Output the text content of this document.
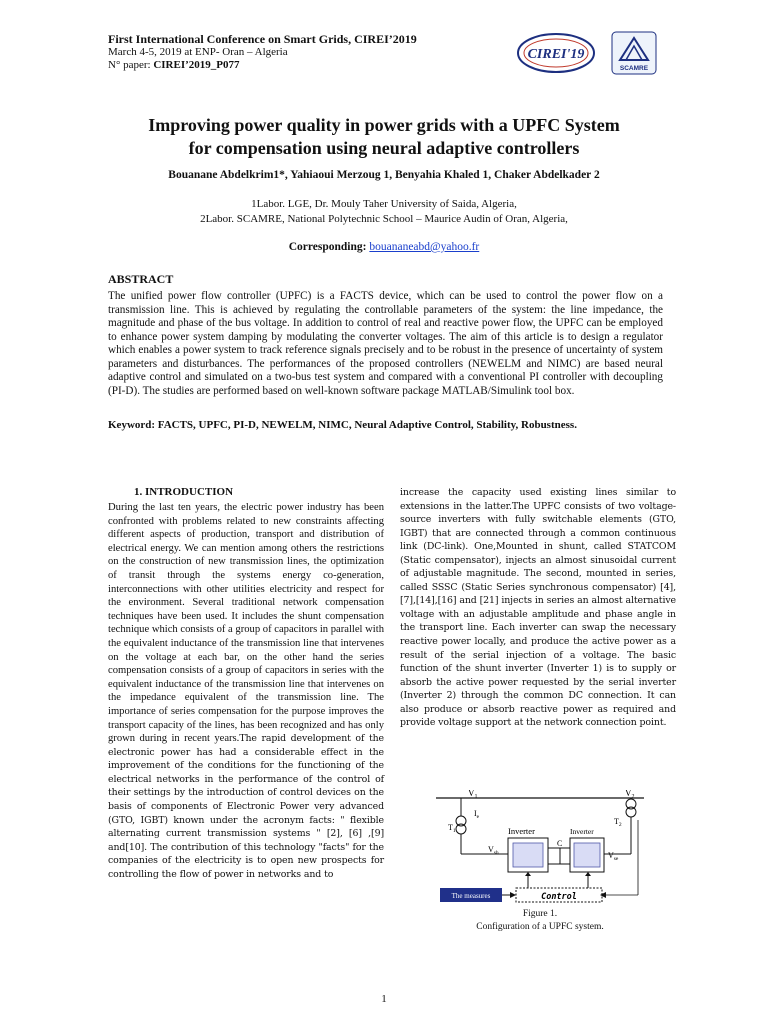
First International Conference on Smart Grids, CIREI’2019
March 4-5, 2019 at ENP- Oran – Algeria
N° paper: CIREI’2019_P077
CIREI'19
SCAMRE
Improving power quality in power grids with a UPFC System
for compensation using neural adaptive controllers
Bouanane Abdelkrim1*, Yahiaoui Merzoug 1, Benyahia Khaled 1, Chaker Abdelkader 2
1Labor. LGE, Dr. Mouly Taher University of Saida, Algeria,
2Labor. SCAMRE, National Polytechnic School – Maurice Audin of Oran, Algeria,
Corresponding: bouananeabd@yahoo.fr
ABSTRACT
The unified power flow controller (UPFC) is a FACTS device, which can be used to control the power flow on a transmission line. This is achieved by regulating the controllable parameters of the system: the line impedance, the magnitude and phase of the bus voltage. In addition to control of real and reactive power flow, the UPFC can be employed to enhance power system damping by modulating the converter voltages. The aim of this article is to design a regulator which enables a power system to track reference signals precisely and to be robust in the presence of uncertainty of system parameters and disturbances. The performances of the proposed controllers (NEWELM and NIMC) are based neural adaptive control and simulated on a two-bus test system and compared with a conventional PI controller with decoupling (PI-D). The studies are performed based on well-known software package MATLAB/Simulink tool box.
Keyword: FACTS, UPFC, PI-D, NEWELM, NIMC, Neural Adaptive Control, Stability, Robustness.
1. INTRODUCTION
During the last ten years, the electric power industry has been confronted with problems related to new constraints affecting different aspects of production, transport and distribution of electrical energy. We can mention among others the restrictions on the construction of new transmission lines, the optimization of transit through the systems energy co-generation, interconnections with other utilities electricity and respect for the environment. Several traditional network compensation techniques have been used. It includes the shunt compensation technique which consists of a group of capacitors in parallel with the equivalent inductance of the transmission line that intervenes on the voltage at each bar, on the other hand the series compensation consists of a group of capacitors in series with the equivalent inductance of the transmission line that intervenes on the impedance equivalent of the transmission line. The importance of series compensation for the purpose improves the transport capacity of the lines, has been recognized and has only grown during in recent years.The rapid development of the electronic power has had a considerable effect in the improvement of the conditions for the functioning of the electrical networks in the performance of the control of their settings by the introduction of control devices on the basis of components of Electronic Power very advanced (GTO, IGBT) known under the acronym facts: " flexible alternating current transmission systems " [2], [6] ,[9] and[10]. The contribution of this technology "facts" for the companies of the electricity is to open new prospects for controlling the flow of power in networks and to
increase the capacity used existing lines similar to extensions in the latter.The UPFC consists of two voltage-source inverters with fully switchable elements (GTO, IGBT) that are connected through a common continuous link (DC-link). One,Mounted in shunt, called STATCOM (Static compensator), injects an almost sinusoidal current of adjustable magnitude. The second, mounted in series, called SSSC (Static Series synchronous compensator) [4],[7],[14],[16] and [21] injects in series an almost alternative voltage with an adjustable amplitude and phase angle in the transport line. Each inverter can swap the necessary reactive power locally, and produce the active power as a result of the serial injection of a voltage. The basic function of the shunt inverter (Inverter 1) is to supply or absorb the active power requested by the serial inverter (Inverter 2) through the common DC connection. It can also produce or absorb reactive power as required and provide voltage support at the network connection point.
$V_1$	$V_2$
$T_1$
$I_e$	$T_2$
Inverter
$V_{sh}$
C
Inverter
$V_{se}$
The measures	Control
Figure 1.
Configuration of a UPFC system.
1
